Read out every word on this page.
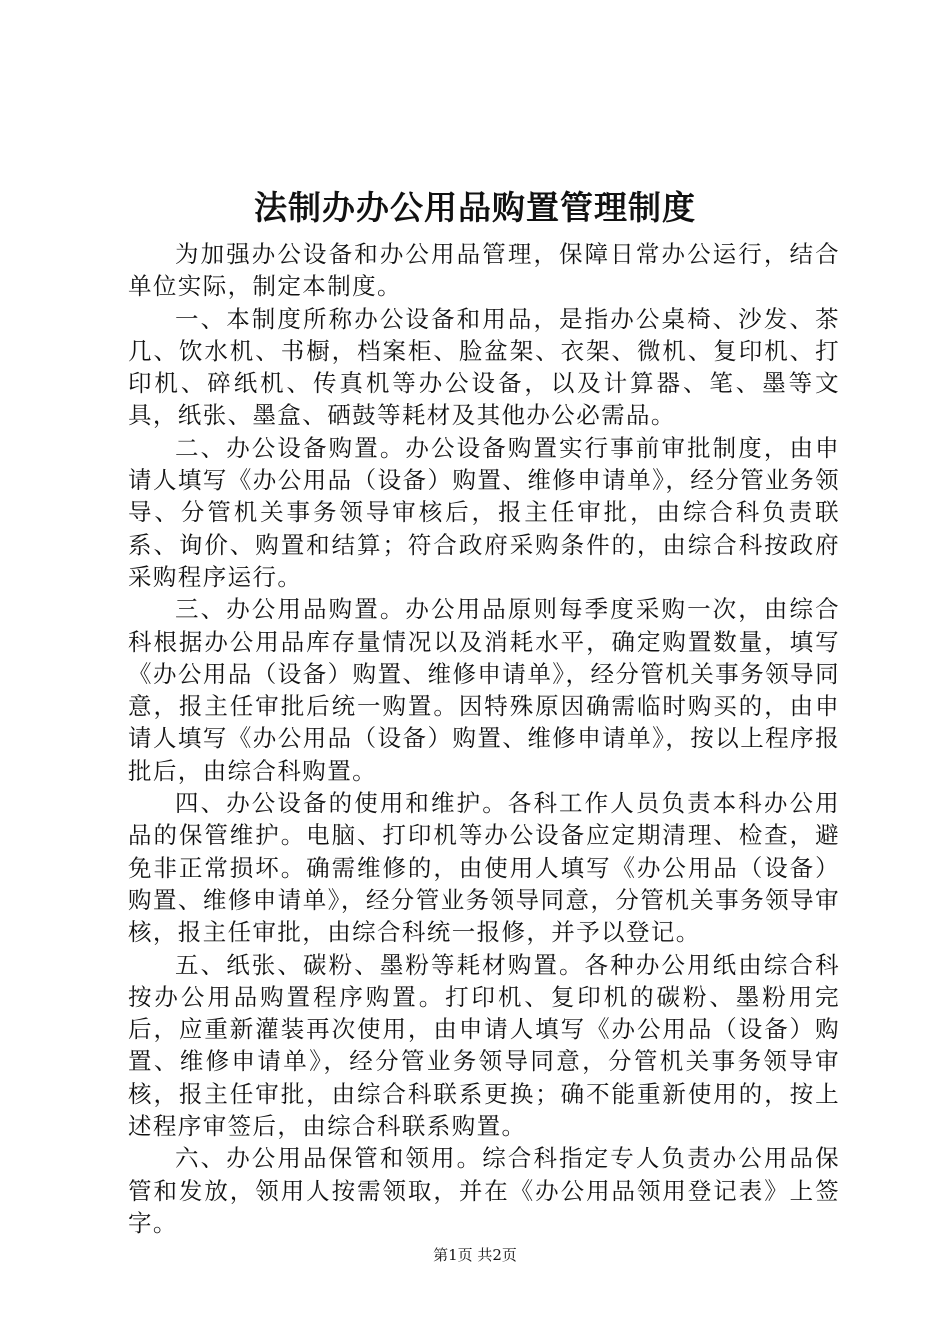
法制办办公用品购置管理制度

为加强办公设备和办公用品管理，保障日常办公运行，结合单位实际，制定本制度。

一、本制度所称办公设备和用品，是指办公桌椅、沙发、茶几、饮水机、书橱，档案柜、脸盆架、衣架、微机、复印机、打印机、碎纸机、传真机等办公设备，以及计算器、笔、墨等文具，纸张、墨盒、硒鼓等耗材及其他办公必需品。

二、办公设备购置。办公设备购置实行事前审批制度，由申请人填写《办公用品（设备）购置、维修申请单》，经分管业务领导、分管机关事务领导审核后，报主任审批，由综合科负责联系、询价、购置和结算；符合政府采购条件的，由综合科按政府采购程序运行。

三、办公用品购置。办公用品原则每季度采购一次，由综合科根据办公用品库存量情况以及消耗水平，确定购置数量，填写《办公用品（设备）购置、维修申请单》，经分管机关事务领导同意，报主任审批后统一购置。因特殊原因确需临时购买的，由申请人填写《办公用品（设备）购置、维修申请单》，按以上程序报批后，由综合科购置。

四、办公设备的使用和维护。各科工作人员负责本科办公用品的保管维护。电脑、打印机等办公设备应定期清理、检查，避免非正常损坏。确需维修的，由使用人填写《办公用品（设备）购置、维修申请单》，经分管业务领导同意，分管机关事务领导审核，报主任审批，由综合科统一报修，并予以登记。

五、纸张、碳粉、墨粉等耗材购置。各种办公用纸由综合科按办公用品购置程序购置。打印机、复印机的碳粉、墨粉用完后，应重新灌装再次使用，由申请人填写《办公用品（设备）购置、维修申请单》，经分管业务领导同意，分管机关事务领导审核，报主任审批，由综合科联系更换；确不能重新使用的，按上述程序审签后，由综合科联系购置。

六、办公用品保管和领用。综合科指定专人负责办公用品保管和发放，领用人按需领取，并在《办公用品领用登记表》上签字。

第1页 共2页
